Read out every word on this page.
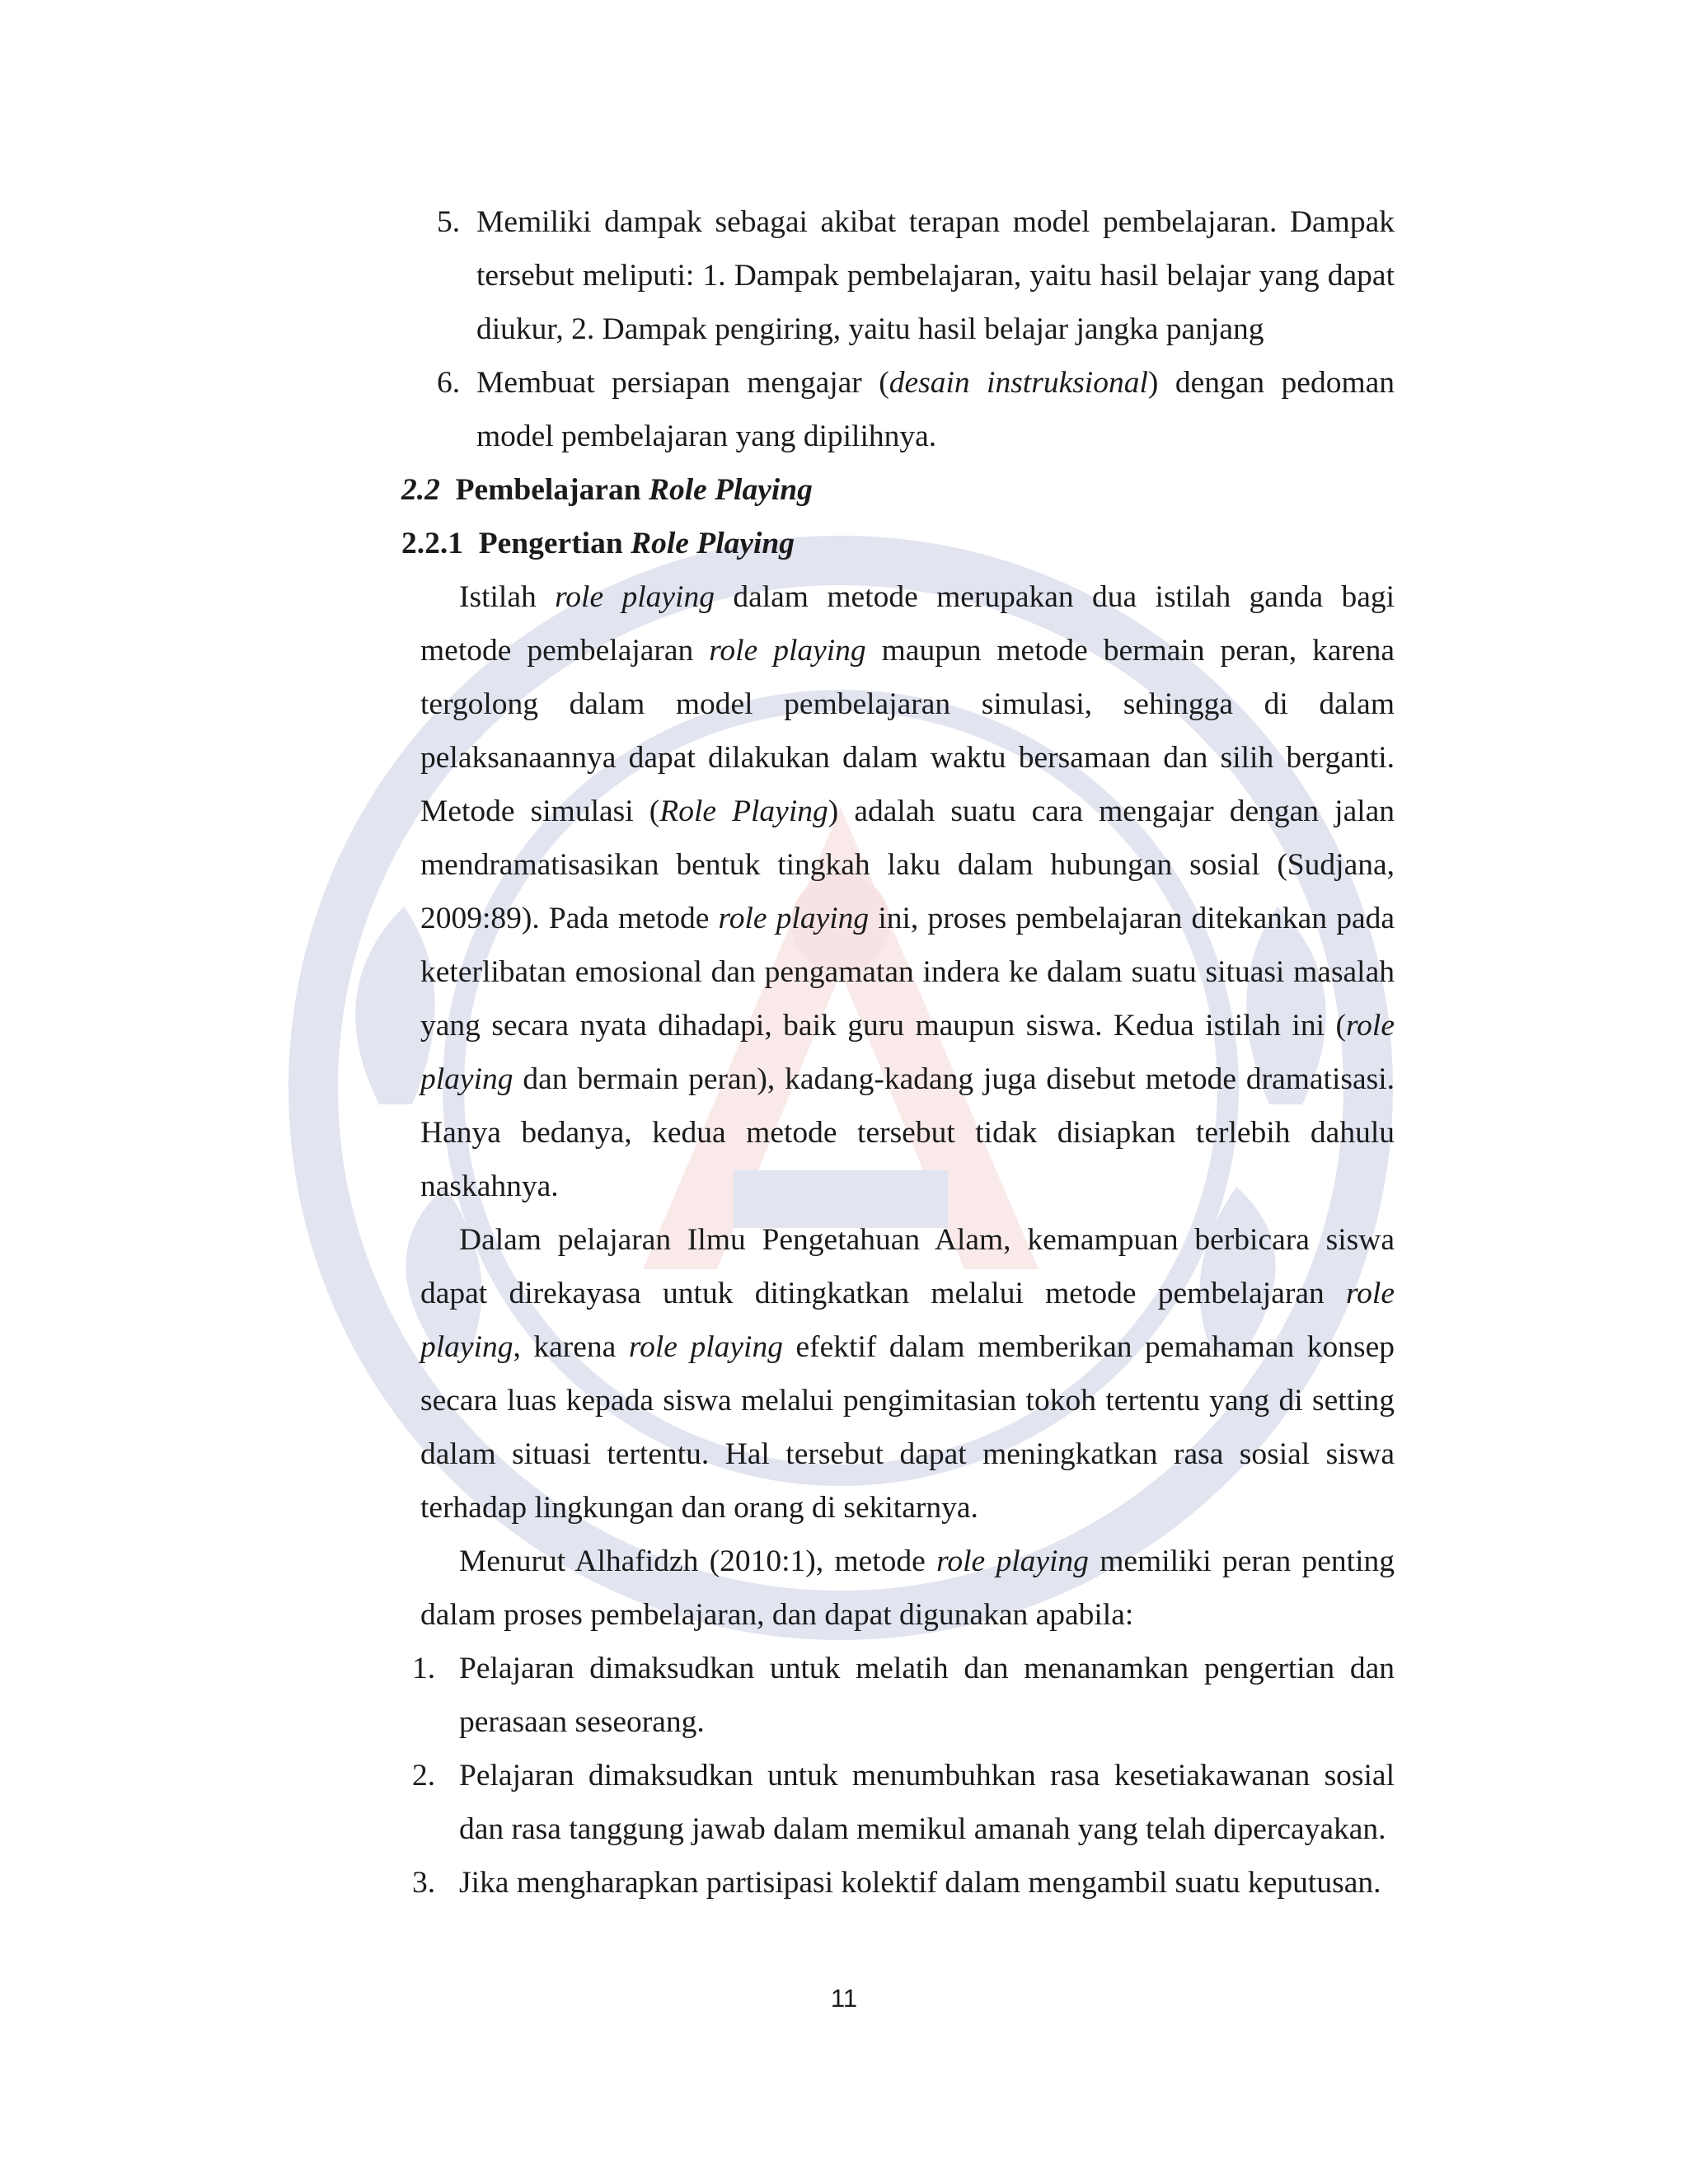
5. Memiliki dampak sebagai akibat terapan model pembelajaran. Dampak
tersebut meliputi: 1. Dampak pembelajaran, yaitu hasil belajar yang dapat
diukur, 2. Dampak pengiring, yaitu hasil belajar jangka panjang
6. Membuat persiapan mengajar (desain instruksional) dengan pedoman
model pembelajaran yang dipilihnya.
2.2 Pembelajaran Role Playing
2.2.1 Pengertian Role Playing
Istilah role playing dalam metode merupakan dua istilah ganda bagi
metode pembelajaran role playing maupun metode bermain peran, karena
tergolong dalam model pembelajaran simulasi, sehingga di dalam
pelaksanaannya dapat dilakukan dalam waktu bersamaan dan silih berganti.
Metode simulasi (Role Playing) adalah suatu cara mengajar dengan jalan
mendramatisasikan bentuk tingkah laku dalam hubungan sosial (Sudjana,
2009:89). Pada metode role playing ini, proses pembelajaran ditekankan pada
keterlibatan emosional dan pengamatan indera ke dalam suatu situasi masalah
yang secara nyata dihadapi, baik guru maupun siswa. Kedua istilah ini (role
playing dan bermain peran), kadang-kadang juga disebut metode dramatisasi.
Hanya bedanya, kedua metode tersebut tidak disiapkan terlebih dahulu
naskahnya.
Dalam pelajaran Ilmu Pengetahuan Alam, kemampuan berbicara siswa
dapat direkayasa untuk ditingkatkan melalui metode pembelajaran role
playing, karena role playing efektif dalam memberikan pemahaman konsep
secara luas kepada siswa melalui pengimitasian tokoh tertentu yang di setting
dalam situasi tertentu. Hal tersebut dapat meningkatkan rasa sosial siswa
terhadap lingkungan dan orang di sekitarnya.
Menurut Alhafidzh (2010:1), metode role playing memiliki peran penting
dalam proses pembelajaran, dan dapat digunakan apabila:
1. Pelajaran dimaksudkan untuk melatih dan menanamkan pengertian dan
perasaan seseorang.
2. Pelajaran dimaksudkan untuk menumbuhkan rasa kesetiakawanan sosial
dan rasa tanggung jawab dalam memikul amanah yang telah dipercayakan.
3. Jika mengharapkan partisipasi kolektif dalam mengambil suatu keputusan.
11
